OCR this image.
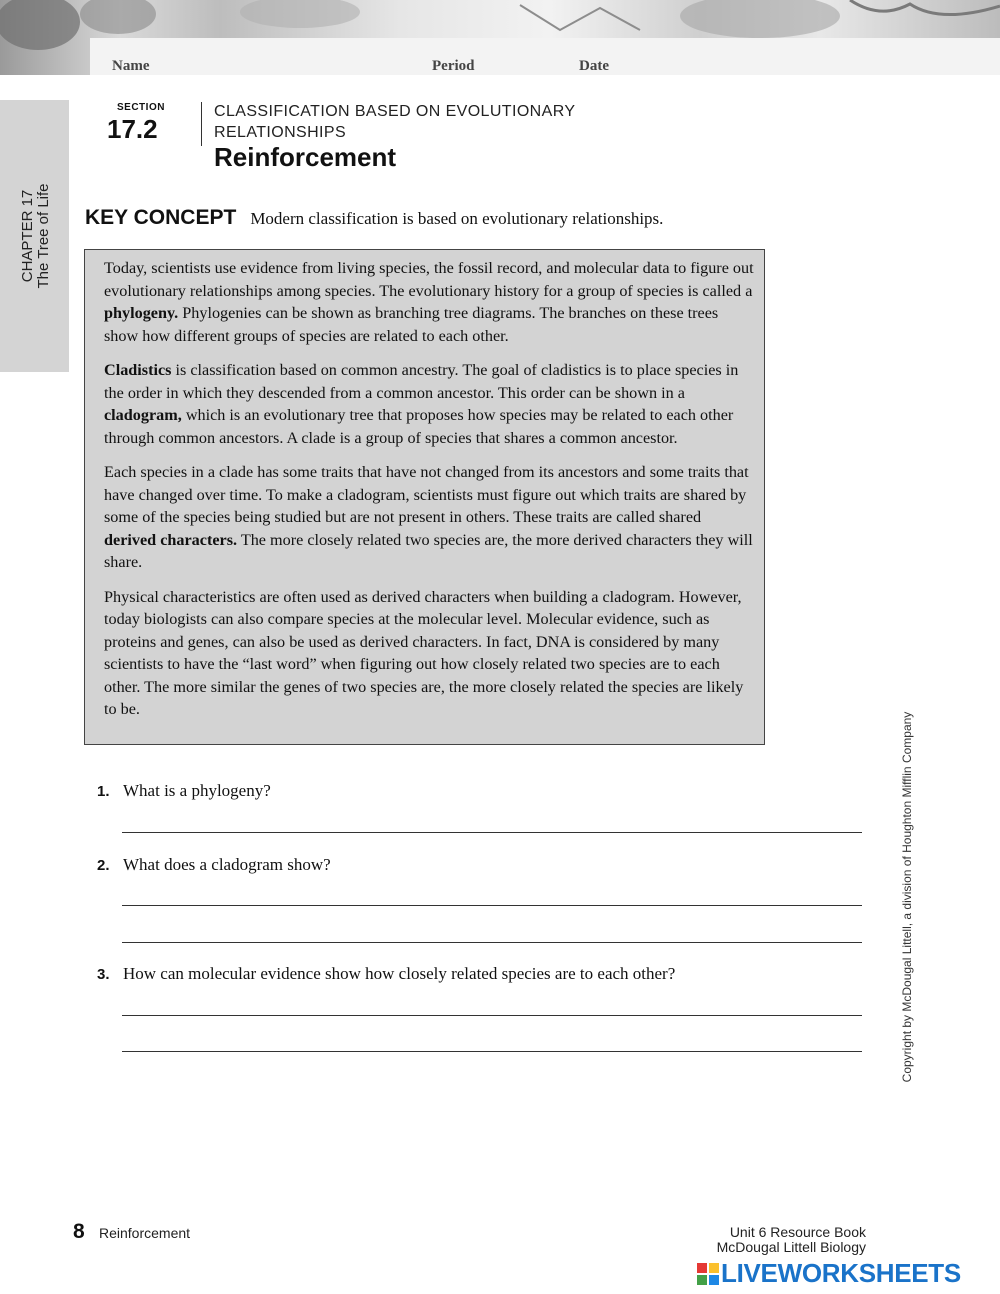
Name	Period	Date
CHAPTER 17 The Tree of Life
SECTION
17.2
CLASSIFICATION BASED ON EVOLUTIONARY
RELATIONSHIPS
Reinforcement
KEY CONCEPT Modern classification is based on evolutionary relationships.

Today, scientists use evidence from living species, the fossil record, and molecular data to figure out evolutionary relationships among species. The evolutionary history for a group of species is called a phylogeny. Phylogenies can be shown as branching tree diagrams. The branches on these trees show how different groups of species are related to each other.

Cladistics is classification based on common ancestry. The goal of cladistics is to place species in the order in which they descended from a common ancestor. This order can be shown in a cladogram, which is an evolutionary tree that proposes how species may be related to each other through common ancestors. A clade is a group of species that shares a common ancestor.

Each species in a clade has some traits that have not changed from its ancestors and some traits that have changed over time. To make a cladogram, scientists must figure out which traits are shared by some of the species being studied but are not present in others. These traits are called shared derived characters. The more closely related two species are, the more derived characters they will share.

Physical characteristics are often used as derived characters when building a cladogram. However, today biologists can also compare species at the molecular level. Molecular evidence, such as proteins and genes, can also be used as derived characters. In fact, DNA is considered by many scientists to have the “last word” when figuring out how closely related two species are to each other. The more similar the genes of two species are, the more closely related the species are likely to be.

1. What is a phylogeny?
2. What does a cladogram show?
3. How can molecular evidence show how closely related species are to each other?	Copyright by McDougal Littell, a division of Houghton Mifflin Company
8 Reinforcement	Unit 6 Resource Book
McDougal Littell Biology
LIVEWORKSHEETS
